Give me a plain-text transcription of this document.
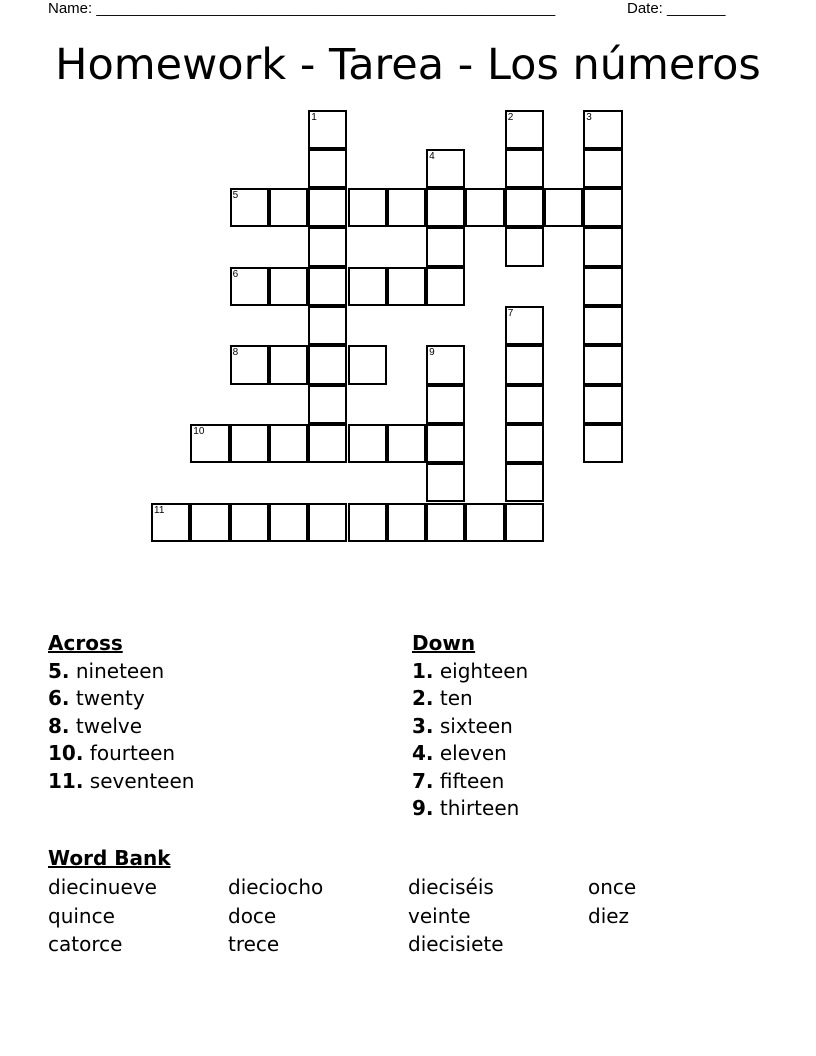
Name: _______________________________________________________	Date: _______
Homework - Tarea - Los números
1	2	3
4
5
6
7
8	9
10
11
Across
5. nineteen
6. twenty
8. twelve
10. fourteen
11. seventeen
Down
1. eighteen
2. ten
3. sixteen
4. eleven
7. fifteen
9. thirteen
Word Bank
diecinueve	dieciocho	dieciséis	once
quince	doce	veinte	diez
catorce	trece	diecisiete
